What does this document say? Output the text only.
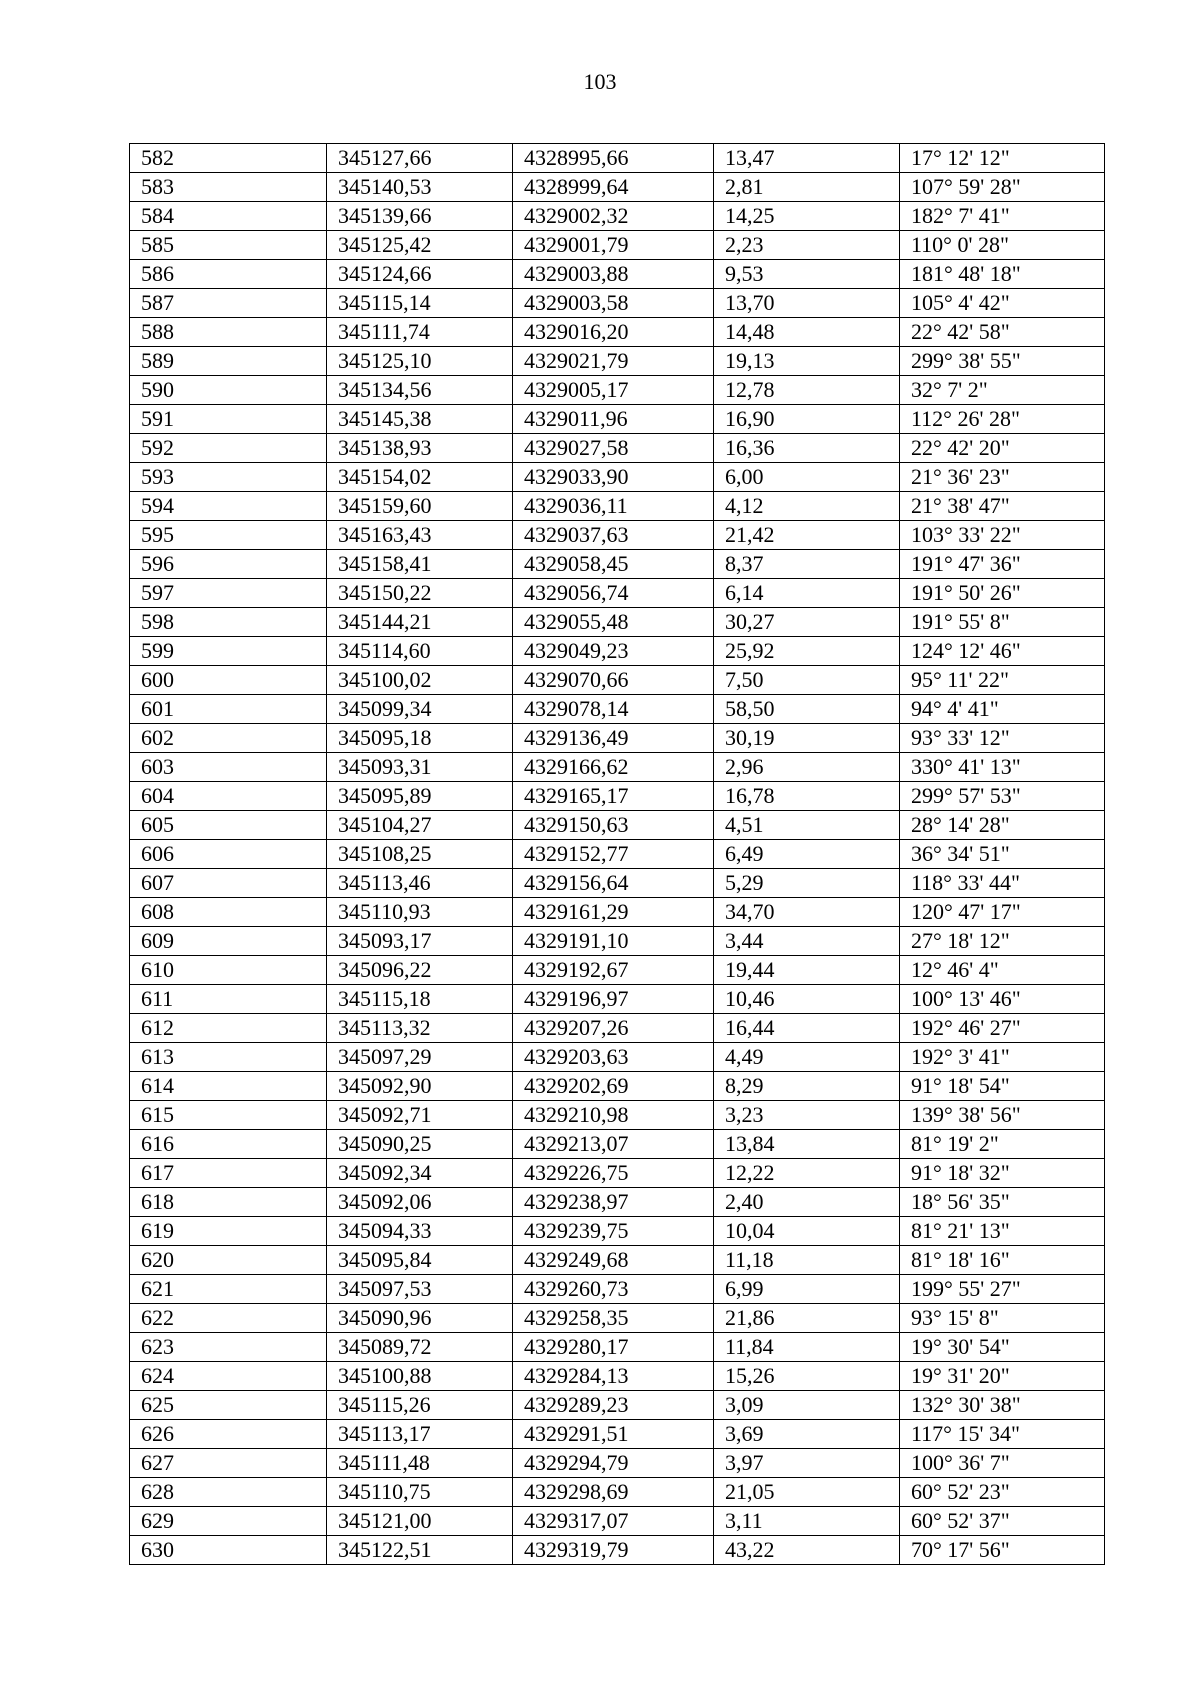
103
582	345127,66	4328995,66	13,47	17° 12' 12"
583	345140,53	4328999,64	2,81	107° 59' 28"
584	345139,66	4329002,32	14,25	182° 7' 41"
585	345125,42	4329001,79	2,23	110° 0' 28"
586	345124,66	4329003,88	9,53	181° 48' 18"
587	345115,14	4329003,58	13,70	105° 4' 42"
588	345111,74	4329016,20	14,48	22° 42' 58"
589	345125,10	4329021,79	19,13	299° 38' 55"
590	345134,56	4329005,17	12,78	32° 7' 2"
591	345145,38	4329011,96	16,90	112° 26' 28"
592	345138,93	4329027,58	16,36	22° 42' 20"
593	345154,02	4329033,90	6,00	21° 36' 23"
594	345159,60	4329036,11	4,12	21° 38' 47"
595	345163,43	4329037,63	21,42	103° 33' 22"
596	345158,41	4329058,45	8,37	191° 47' 36"
597	345150,22	4329056,74	6,14	191° 50' 26"
598	345144,21	4329055,48	30,27	191° 55' 8"
599	345114,60	4329049,23	25,92	124° 12' 46"
600	345100,02	4329070,66	7,50	95° 11' 22"
601	345099,34	4329078,14	58,50	94° 4' 41"
602	345095,18	4329136,49	30,19	93° 33' 12"
603	345093,31	4329166,62	2,96	330° 41' 13"
604	345095,89	4329165,17	16,78	299° 57' 53"
605	345104,27	4329150,63	4,51	28° 14' 28"
606	345108,25	4329152,77	6,49	36° 34' 51"
607	345113,46	4329156,64	5,29	118° 33' 44"
608	345110,93	4329161,29	34,70	120° 47' 17"
609	345093,17	4329191,10	3,44	27° 18' 12"
610	345096,22	4329192,67	19,44	12° 46' 4"
611	345115,18	4329196,97	10,46	100° 13' 46"
612	345113,32	4329207,26	16,44	192° 46' 27"
613	345097,29	4329203,63	4,49	192° 3' 41"
614	345092,90	4329202,69	8,29	91° 18' 54"
615	345092,71	4329210,98	3,23	139° 38' 56"
616	345090,25	4329213,07	13,84	81° 19' 2"
617	345092,34	4329226,75	12,22	91° 18' 32"
618	345092,06	4329238,97	2,40	18° 56' 35"
619	345094,33	4329239,75	10,04	81° 21' 13"
620	345095,84	4329249,68	11,18	81° 18' 16"
621	345097,53	4329260,73	6,99	199° 55' 27"
622	345090,96	4329258,35	21,86	93° 15' 8"
623	345089,72	4329280,17	11,84	19° 30' 54"
624	345100,88	4329284,13	15,26	19° 31' 20"
625	345115,26	4329289,23	3,09	132° 30' 38"
626	345113,17	4329291,51	3,69	117° 15' 34"
627	345111,48	4329294,79	3,97	100° 36' 7"
628	345110,75	4329298,69	21,05	60° 52' 23"
629	345121,00	4329317,07	3,11	60° 52' 37"
630	345122,51	4329319,79	43,22	70° 17' 56"
